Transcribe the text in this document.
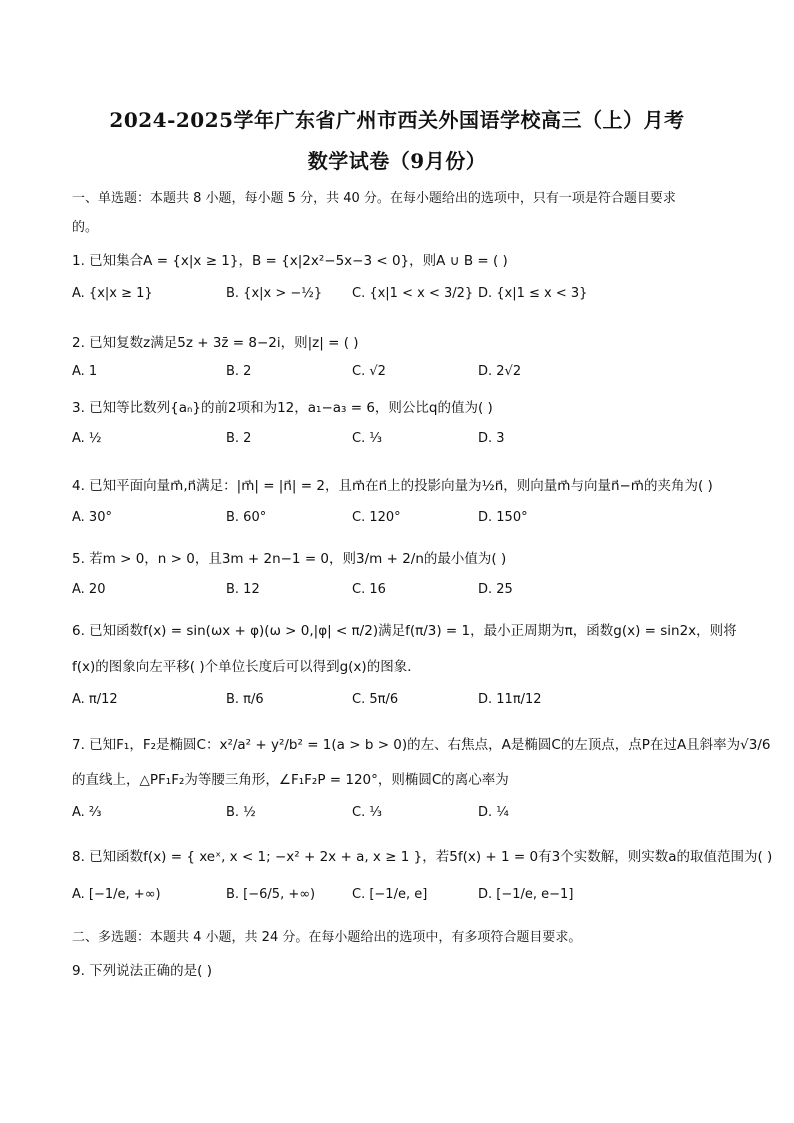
2024-2025学年广东省广州市西关外国语学校高三（上）月考
数学试卷（9月份）
一、单选题：本题共 8 小题，每小题 5 分，共 40 分。在每小题给出的选项中，只有一项是符合题目要求
的。
1. 已知集合A = {x|x ≥ 1}，B = {x|2x²−5x−3 < 0}，则A ∪ B = ( )
A. {x|x ≥ 1}	B. {x|x > −½} C. {x|1 < x < 3/2} D. {x|1 ≤ x < 3}
2. 已知复数z满足5z + 3z̄ = 8−2i，则|z| = ( )
A. 1	B. 2	C. √2	D. 2√2
3. 已知等比数列{aₙ}的前2项和为12，a₁−a₃ = 6，则公比q的值为( )
A. ½	B. 2	C. ⅓	D. 3
4. 已知平面向量m⃗,n⃗满足：|m⃗| = |n⃗| = 2，且m⃗在n⃗上的投影向量为½n⃗，则向量m⃗与向量n⃗−m⃗的夹角为( )
A. 30°	B. 60°	C. 120°	D. 150°
5. 若m > 0，n > 0，且3m + 2n−1 = 0，则3/m + 2/n的最小值为( )
A. 20	B. 12	C. 16	D. 25
6. 已知函数f(x) = sin(ωx + φ)(ω > 0,|φ| < π/2)满足f(π/3) = 1，最小正周期为π，函数g(x) = sin2x，则将
f(x)的图象向左平移( )个单位长度后可以得到g(x)的图象．
A. π/12	B. π/6	C. 5π/6	D. 11π/12
7. 已知F₁，F₂是椭圆C：x²/a² + y²/b² = 1(a > b > 0)的左、右焦点，A是椭圆C的左顶点，点P在过A且斜率为√3/6
的直线上，△PF₁F₂为等腰三角形，∠F₁F₂P = 120°，则椭圆C的离心率为
A. ⅔	B. ½	C. ⅓	D. ¼
8. 已知函数f(x) = { xeˣ, x < 1; −x² + 2x + a, x ≥ 1 }，若5f(x) + 1 = 0有3个实数解，则实数a的取值范围为( )
A. [−1/e, +∞)	B. [−6/5, +∞)	C. [−1/e, e]	D. [−1/e, e−1]
二、多选题：本题共 4 小题，共 24 分。在每小题给出的选项中，有多项符合题目要求。
9. 下列说法正确的是( )
